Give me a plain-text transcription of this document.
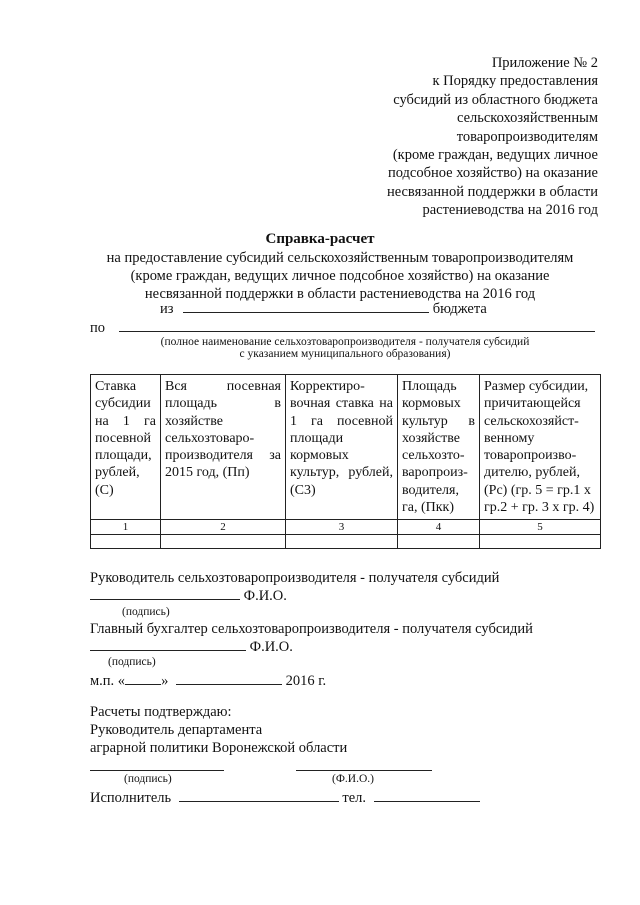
Приложение № 2
к Порядку предоставления
субсидий из областного бюджета
сельскохозяйственным
товаропроизводителям
(кроме граждан, ведущих личное
подсобное хозяйство) на оказание
несвязанной поддержки в области
растениеводства на 2016 год
Справка-расчет
на предоставление субсидий сельскохозяйственным товаропроизводителям
(кроме граждан, ведущих личное подсобное хозяйство) на оказание
несвязанной поддержки в области растениеводства на 2016 год
из	бюджета
по
(полное наименование сельхозтоваропроизводителя - получателя субсидий
с указанием муниципального образования)
Ставка субсидии на 1 га посевной площади, рублей, (С)	Вся посевная площадь в хозяйстве сельхозтоваро-производителя за 2015 год, (Пп)	Корректиро-вочная ставка на 1 га посевной площади кормовых культур, рублей, (С3)	Площадь кормовых культур в хозяйстве сельхозто-варопроиз-водителя, га, (Пкк)	Размер субсидии, причитающейся сельскохозяйст-венному товаропроизво-дителю, рублей, (Рс) (гр. 5 = гр.1 х гр.2 + гр. 3 х гр. 4)
1	2	3	4	5

Руководитель сельхозтоваропроизводителя - получателя субсидий
Ф.И.О.
(подпись)
Главный бухгалтер сельхозтоваропроизводителя - получателя субсидий
Ф.И.О.
(подпись)
м.п. « »	2016 г.
Расчеты подтверждаю:
Руководитель департамента
аграрной политики Воронежской области
(подпись)	(Ф.И.О.)
Исполнитель	тел.
